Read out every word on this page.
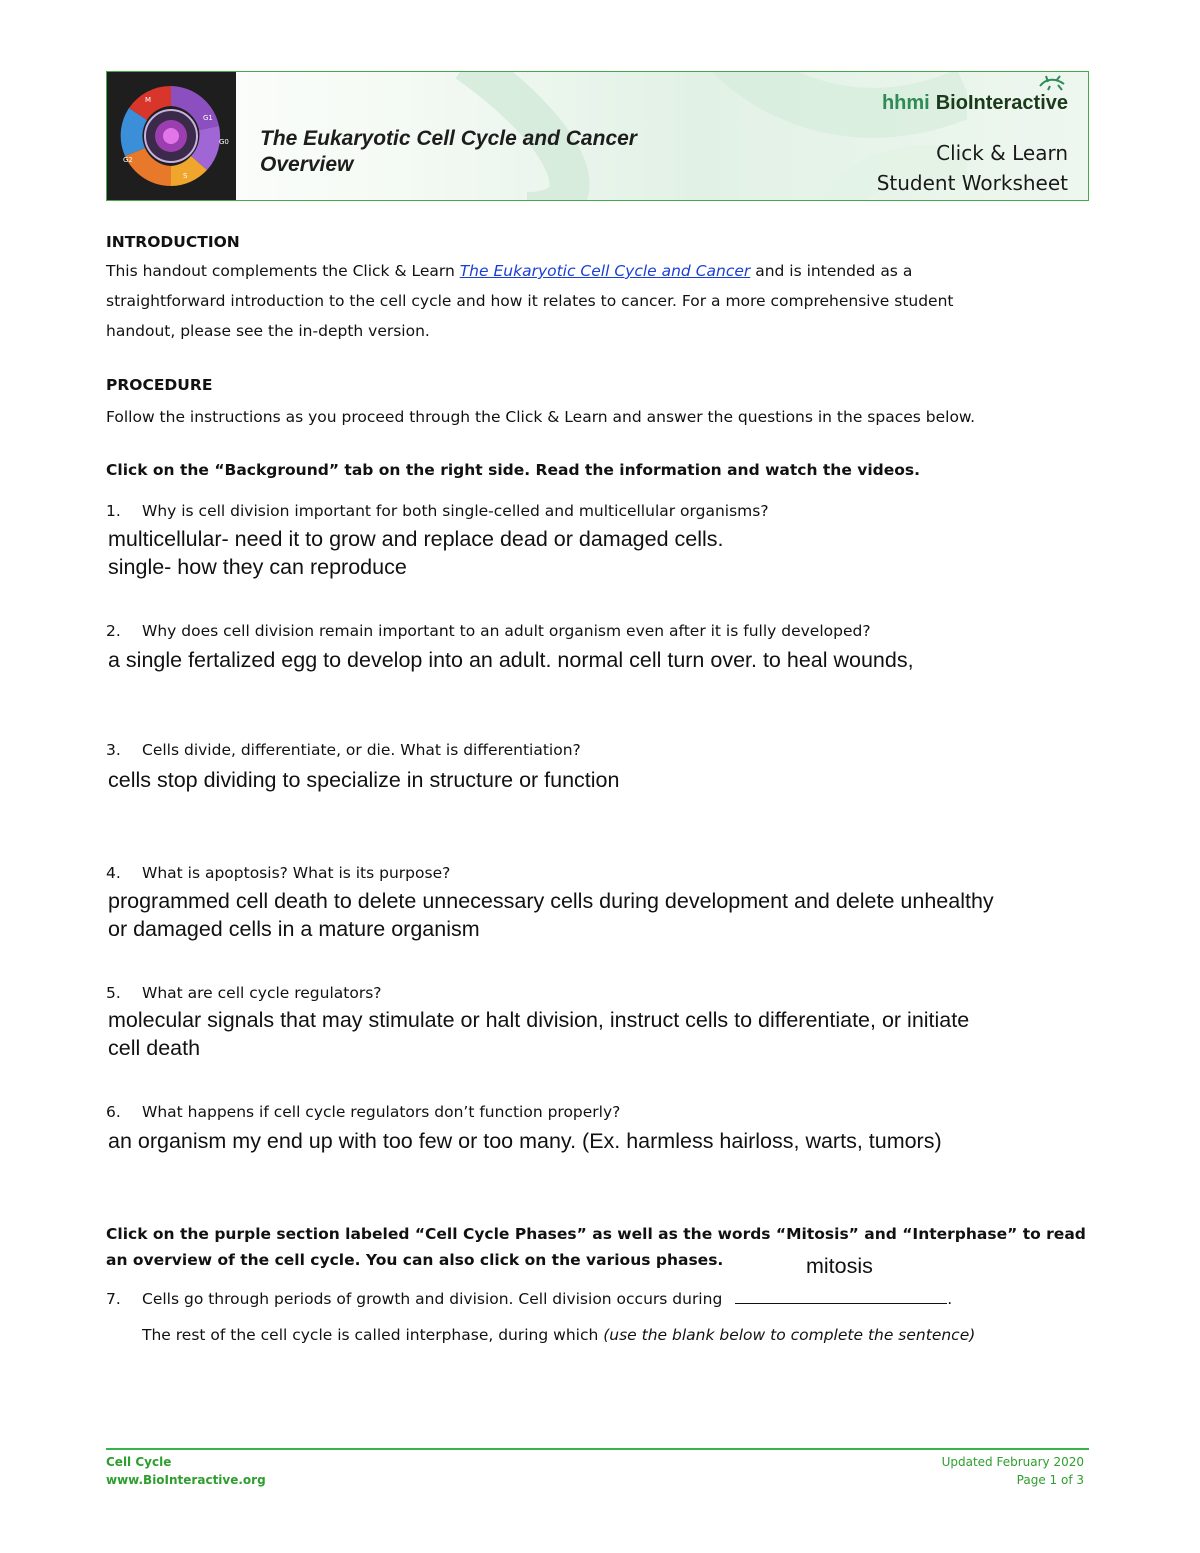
M
G1
G0
S
G2
The Eukaryotic Cell Cycle and Cancer
Overview
hhmi BioInteractive
Click & Learn
Student Worksheet
INTRODUCTION
This handout complements the Click & Learn The Eukaryotic Cell Cycle and Cancer and is intended as a
straightforward introduction to the cell cycle and how it relates to cancer. For a more comprehensive student
handout, please see the in-depth version.
PROCEDURE
Follow the instructions as you proceed through the Click & Learn and answer the questions in the spaces below.
Click on the “Background” tab on the right side. Read the information and watch the videos.
1. Why is cell division important for both single-celled and multicellular organisms?
multicellular- need it to grow and replace dead or damaged cells.
single- how they can reproduce
2. Why does cell division remain important to an adult organism even after it is fully developed?
a single fertalized egg to develop into an adult. normal cell turn over. to heal wounds,
3. Cells divide, differentiate, or die. What is differentiation?
cells stop dividing to specialize in structure or function
4. What is apoptosis? What is its purpose?
programmed cell death to delete unnecessary cells during development and delete unhealthy
or damaged cells in a mature organism
5. What are cell cycle regulators?
molecular signals that may stimulate or halt division, instruct cells to differentiate, or initiate
cell death
6. What happens if cell cycle regulators don’t function properly?
an organism my end up with too few or too many. (Ex. harmless hairloss, warts, tumors)
Click on the purple section labeled “Cell Cycle Phases” as well as the words “Mitosis” and “Interphase” to read
an overview of the cell cycle. You can also click on the various phases.	mitosis
7. Cells go through periods of growth and division. Cell division occurs during	.
The rest of the cell cycle is called interphase, during which (use the blank below to complete the sentence)
Cell Cycle
www.BioInteractive.org
Updated February 2020
Page 1 of 3
